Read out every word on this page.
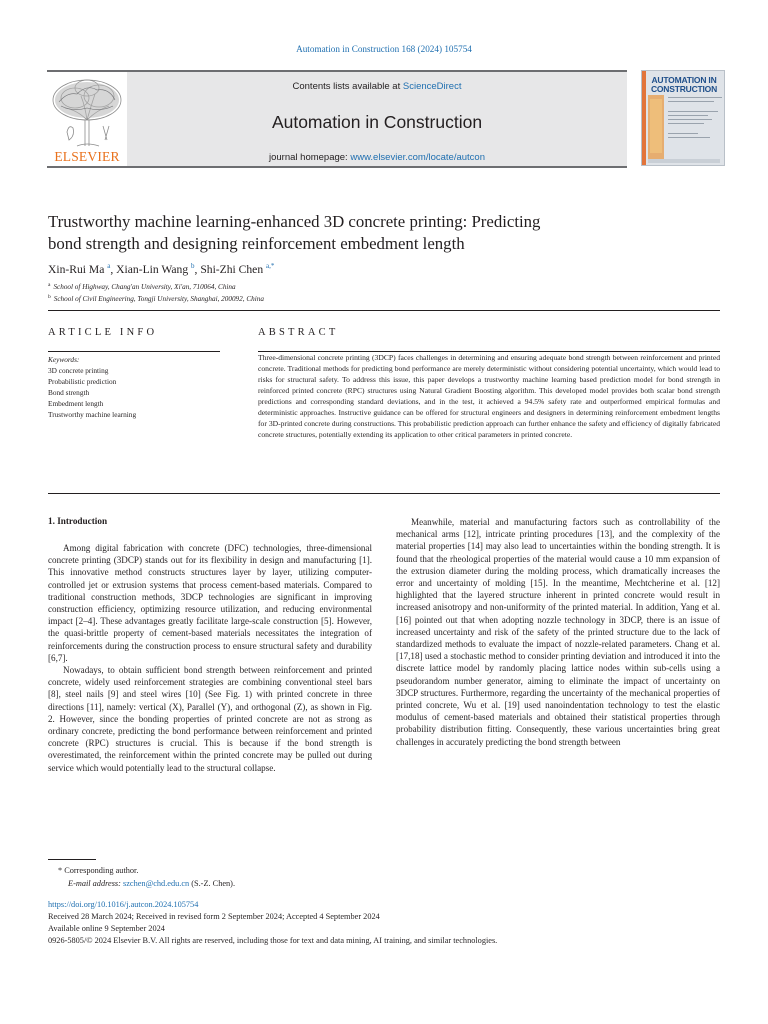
Automation in Construction 168 (2024) 105754
ELSEVIER
Contents lists available at ScienceDirect
Automation in Construction
journal homepage: www.elsevier.com/locate/autcon
AUTOMATION IN CONSTRUCTION
Trustworthy machine learning-enhanced 3D concrete printing: Predicting
bond strength and designing reinforcement embedment length
Xin-Rui Ma $^a$, Xian-Lin Wang $^b$, Shi-Zhi Chen $^{a,*}$
$^a$ School of Highway, Chang'an University, Xi'an, 710064, China
$^b$ School of Civil Engineering, Tongji University, Shanghai, 200092, China
ARTICLE INFO	ABSTRACT
Keywords:
3D concrete printing
Probabilistic prediction
Bond strength
Embedment length
Trustworthy machine learning
Three-dimensional concrete printing (3DCP) faces challenges in determining and ensuring adequate bond strength between reinforcement and printed concrete. Traditional methods for predicting bond performance are merely deterministic without considering potential uncertainty, which would lead to risks for structural safety. To address this issue, this paper develops a trustworthy machine learning based prediction model for bond strength in reinforced printed concrete (RPC) structures using Natural Gradient Boosting algorithm. This developed model provides both scalar bond strength predictions and corresponding standard deviations, and in the test, it achieved a 94.5% safety rate and outperformed empirical formulas and deterministic approaches. Instructive guidance can be offered for structural engineers and designers in determining reinforcement embedment lengths for 3D-printed concrete during constructions. This probabilistic prediction approach can further enhance the safety and efficiency of digitally fabricated concrete structures, potentially extending its application to other critical parameters in printed concrete.
1. Introduction

Among digital fabrication with concrete (DFC) technologies, three-dimensional concrete printing (3DCP) stands out for its flexibility in design and manufacturing [1]. This innovative method constructs structures layer by layer, utilizing computer-controlled jet or extrusion systems that process cement-based materials. Compared to traditional construction methods, 3DCP technologies are significant in improving construction efficiency, optimizing resource utilization, and reducing environmental impact [2–4]. These advantages greatly facilitate large-scale construction [5]. However, the quasi-brittle property of cement-based materials necessitates the integration of reinforcements during the construction process to ensure structural safety and durability [6,7].

Nowadays, to obtain sufficient bond strength between reinforcement and printed concrete, widely used reinforcement strategies are combining conventional steel bars [8], steel nails [9] and steel wires [10] (See Fig. 1) with printed concrete in three directions [11], namely: vertical (X), Parallel (Y), and orthogonal (Z), as shown in Fig. 2. However, since the bonding properties of printed concrete are not as strong as ordinary concrete, predicting the bond performance between reinforcement and printed concrete (RPC) structures is crucial. This is because if the bond strength is overestimated, the reinforcement within the printed concrete may be pulled out during service which would potentially lead to the structural collapse.

Meanwhile, material and manufacturing factors such as controllability of the mechanical arms [12], intricate printing procedures [13], and the complexity of the material properties [14] may also lead to uncertainties within the bonding strength. It is found that the rheological properties of the material would cause a 10 mm expansion of the extrusion diameter during the molding process, which dramatically increases the error and uncertainty of molding [15]. In the meantime, Mechtcherine et al. [12] highlighted that the layered structure inherent in printed concrete would result in increased anisotropy and non-uniformity of the printed material. In addition, Yang et al. [16] pointed out that when adopting nozzle technology in 3DCP, there is an issue of increased uncertainty and risk of the safety of the printed structure due to the lack of standardized methods to evaluate the impact of nozzle-related parameters. Chang et al. [17,18] used a stochastic method to consider printing deviation and introduced it into the discrete lattice model by randomly placing lattice nodes within sub-cells using a pseudorandom number generator, aiming to eliminate the impact of uncertainty on 3DCP structures. Furthermore, regarding the uncertainty of the mechanical properties of printed concrete, Wu et al. [19] used nanoindentation technology to test the elastic modulus of cement-based materials and obtained their statistical properties through probability distribution fitting. Consequently, these various uncertainties bring great challenges in accurately predicting the bond strength between

* Corresponding author.
E-mail address: szchen@chd.edu.cn (S.-Z. Chen).
https://doi.org/10.1016/j.autcon.2024.105754
Received 28 March 2024; Received in revised form 2 September 2024; Accepted 4 September 2024
Available online 9 September 2024
0926-5805/© 2024 Elsevier B.V. All rights are reserved, including those for text and data mining, AI training, and similar technologies.
